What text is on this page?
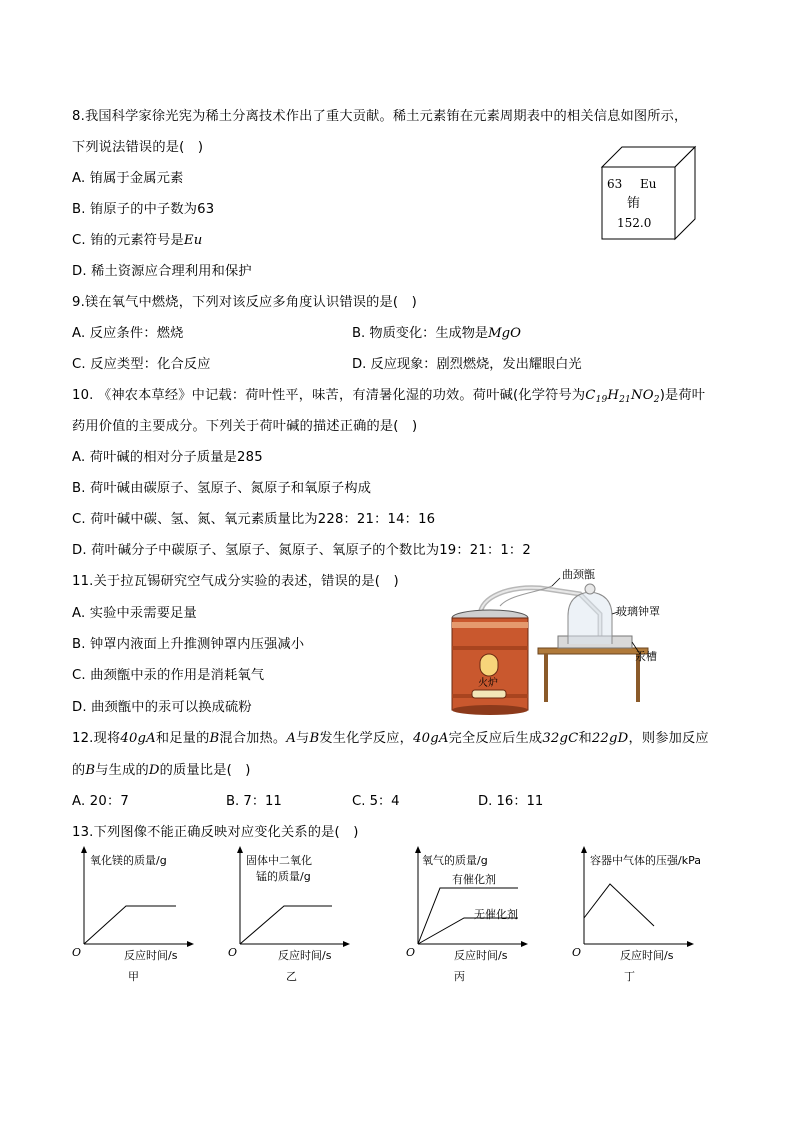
8.我国科学家徐光宪为稀土分离技术作出了重大贡献。稀土元素铕在元素周期表中的相关信息如图所示，
下列说法错误的是(　)
A. 铕属于金属元素
B. 铕原子的中子数为63
C. 铕的元素符号是Eu
D. 稀土资源应合理利用和保护
63 Eu
铕
152.0
9.镁在氧气中燃烧，下列对该反应多角度认识错误的是(　)
A. 反应条件：燃烧	B. 物质变化：生成物是MgO
C. 反应类型：化合反应	D. 反应现象：剧烈燃烧，发出耀眼白光
10. 《神农本草经》中记载：荷叶性平，味苦，有清暑化湿的功效。荷叶碱(化学符号为$C_{19}H_{21}NO_2$)是荷叶
药用价值的主要成分。下列关于荷叶碱的描述正确的是(　)
A. 荷叶碱的相对分子质量是285
B. 荷叶碱由碳原子、氢原子、氮原子和氧原子构成
C. 荷叶碱中碳、氢、氮、氧元素质量比为228：21：14：16
D. 荷叶碱分子中碳原子、氢原子、氮原子、氧原子的个数比为19：21：1：2
11.关于拉瓦锡研究空气成分实验的表述，错误的是(　)
A. 实验中汞需要足量
B. 钟罩内液面上升推测钟罩内压强减小
C. 曲颈甑中汞的作用是消耗氧气
D. 曲颈甑中的汞可以换成硫粉
曲颈甑
火炉
汞槽
玻璃钟罩
12.现将40gA和足量的B混合加热。A与B发生化学反应，40gA完全反应后生成32gC和22gD，则参加反应
的B与生成的D的质量比是(　)
A. 20：7	B. 7：11	C. 5：4	D. 16：11
13.下列图像不能正确反映对应变化关系的是(　)
氧化镁的质量/g
O	反应时间/s
甲
固体中二氧化
锰的质量/g
O	反应时间/s
乙
氧气的质量/g
有催化剂
无催化剂
O	反应时间/s
丙
容器中气体的压强/kPa
O	反应时间/s
丁
